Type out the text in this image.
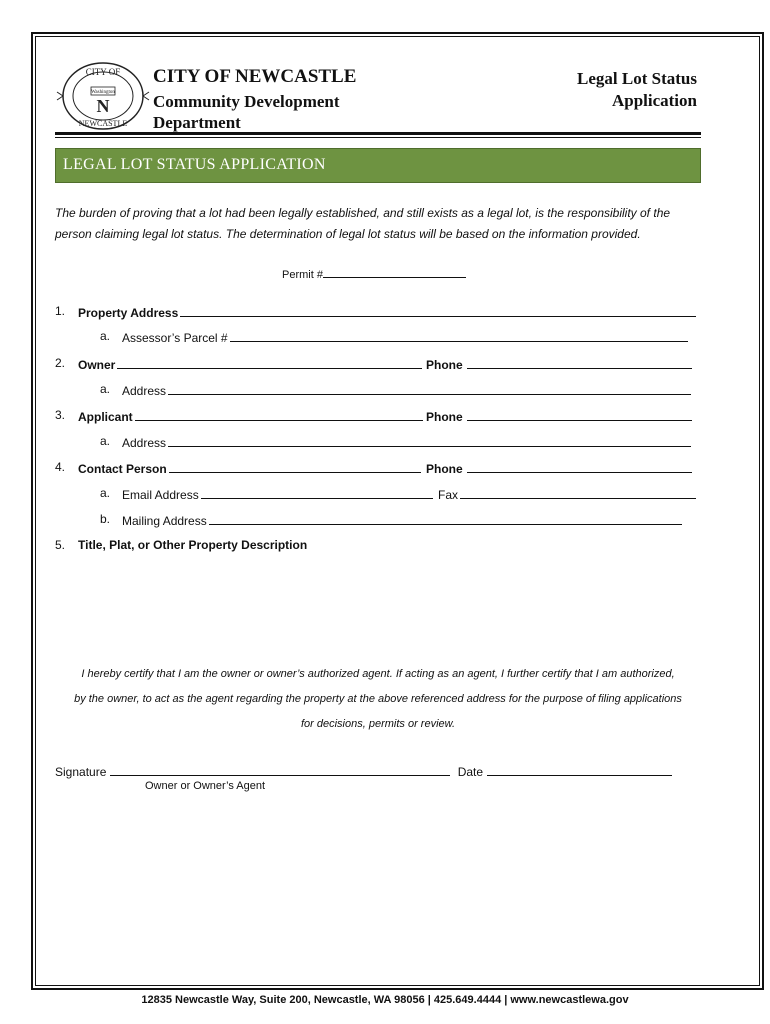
CITY OF
NEWCASTLE
Washington
N
CITY OF NEWCASTLE
Community Development Department
Legal Lot Status
Application
LEGAL LOT STATUS APPLICATION
The burden of proving that a lot had been legally established, and still exists as a legal lot, is the responsibility of the person claiming legal lot status. The determination of legal lot status will be based on the information provided.
Permit #
1. Property Address
a. Assessor’s Parcel #
2. Owner	Phone
a. Address
3. Applicant	Phone
a. Address
4. Contact Person	Phone
a. Email Address	Fax
b. Mailing Address
5. Title, Plat, or Other Property Description
I hereby certify that I am the owner or owner’s authorized agent. If acting as an agent, I further certify that I am authorized,
by the owner, to act as the agent regarding the property at the above referenced address for the purpose of filing applications
for decisions, permits or review.
Signature	Date
Owner or Owner’s Agent
12835 Newcastle Way, Suite 200, Newcastle, WA 98056 | 425.649.4444 | www.newcastlewa.gov
